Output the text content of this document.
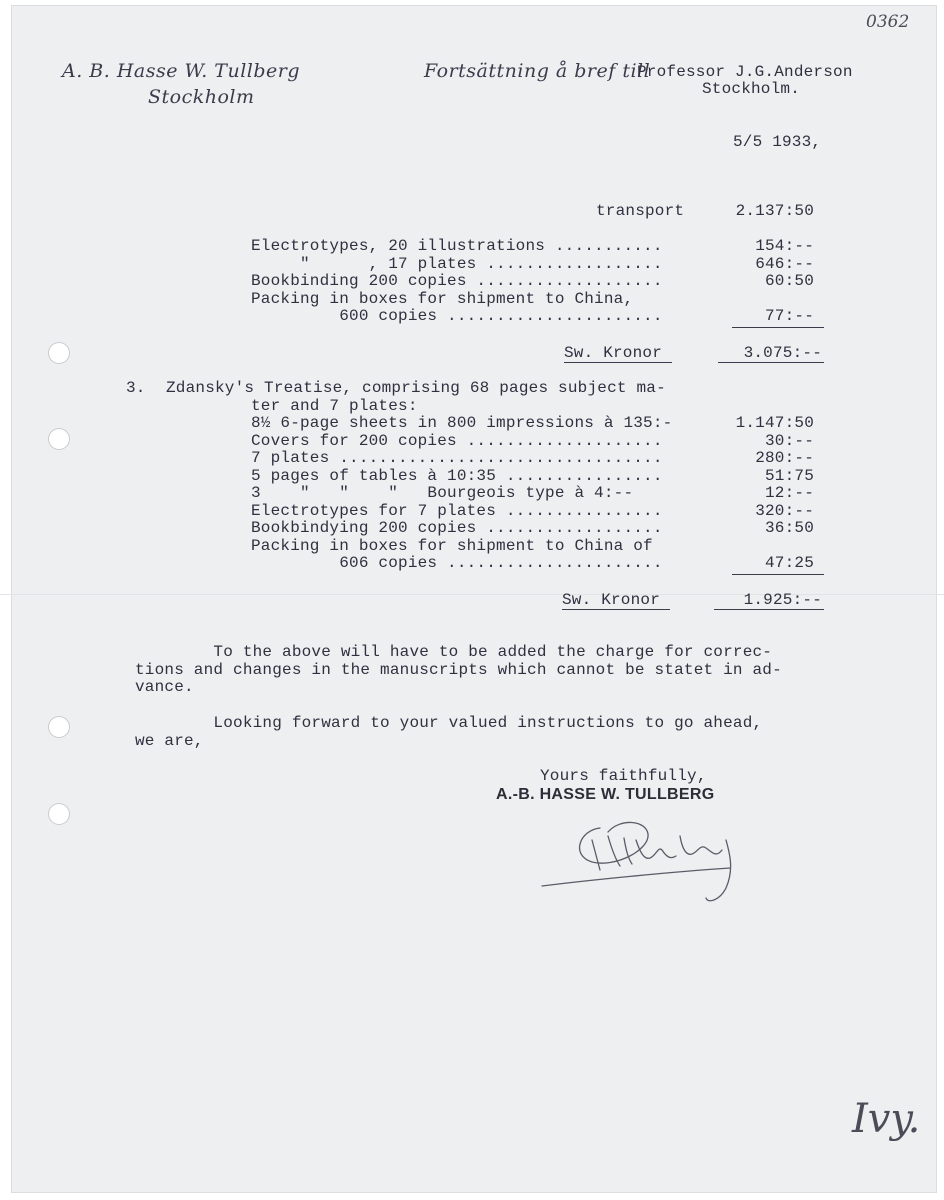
0362
A. B. Hasse W. Tullberg
Stockholm
Fortsättning å bref till
Professor J.G.Anderson
Stockholm.
5/5 1933,
transport	2.137:50
Electrotypes, 20 illustrations ...........	154:--
"      , 17 plates ..................	646:--
Bookbinding 200 copies ...................	60:50
Packing in boxes for shipment to China,
600 copies ......................	77:--
Sw. Kronor	3.075:--
3. Zdansky's Treatise, comprising 68 pages subject ma-
ter and 7 plates:
8½ 6-page sheets in 800 impressions à 135:-	1.147:50
Covers for 200 copies ....................	30:--
7 plates .................................	280:--
5 pages of tables à 10:35 ................	51:75
3    "   "    "   Bourgeois type à 4:--	12:--
Electrotypes for 7 plates ................	320:--
Bookbindying 200 copies ..................	36:50
Packing in boxes for shipment to China of
606 copies ......................	47:25
Sw. Kronor	1.925:--
To the above will have to be added the charge for correc-
tions and changes in the manuscripts which cannot be statet in ad-
vance.
Looking forward to your valued instructions to go ahead,
we are,
Yours faithfully,
A.-B. HASSE W. TULLBERG
Ivy.
